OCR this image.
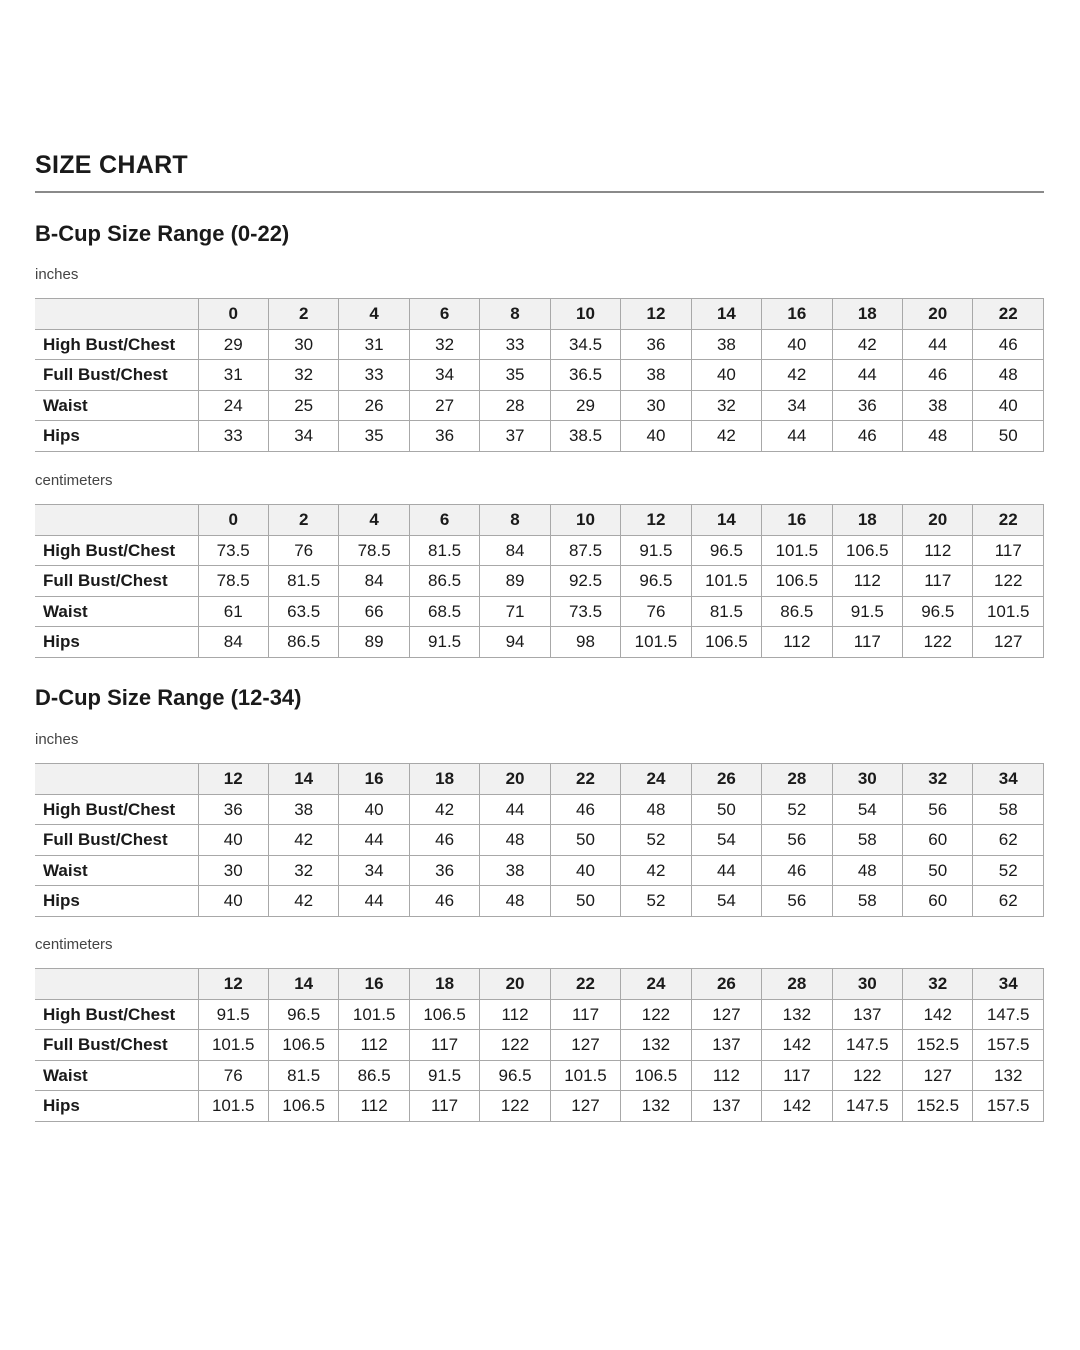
SIZE CHART
B-Cup Size Range (0-22)
inches
	0	2	4	6	8	10	12	14	16	18	20	22
High Bust/Chest	29	30	31	32	33	34.5	36	38	40	42	44	46
Full Bust/Chest	31	32	33	34	35	36.5	38	40	42	44	46	48
Waist	24	25	26	27	28	29	30	32	34	36	38	40
Hips	33	34	35	36	37	38.5	40	42	44	46	48	50
centimeters
	0	2	4	6	8	10	12	14	16	18	20	22
High Bust/Chest	73.5	76	78.5	81.5	84	87.5	91.5	96.5	101.5	106.5	112	117
Full Bust/Chest	78.5	81.5	84	86.5	89	92.5	96.5	101.5	106.5	112	117	122
Waist	61	63.5	66	68.5	71	73.5	76	81.5	86.5	91.5	96.5	101.5
Hips	84	86.5	89	91.5	94	98	101.5	106.5	112	117	122	127
D-Cup Size Range (12-34)
inches
	12	14	16	18	20	22	24	26	28	30	32	34
High Bust/Chest	36	38	40	42	44	46	48	50	52	54	56	58
Full Bust/Chest	40	42	44	46	48	50	52	54	56	58	60	62
Waist	30	32	34	36	38	40	42	44	46	48	50	52
Hips	40	42	44	46	48	50	52	54	56	58	60	62
centimeters
	12	14	16	18	20	22	24	26	28	30	32	34
High Bust/Chest	91.5	96.5	101.5	106.5	112	117	122	127	132	137	142	147.5
Full Bust/Chest	101.5	106.5	112	117	122	127	132	137	142	147.5	152.5	157.5
Waist	76	81.5	86.5	91.5	96.5	101.5	106.5	112	117	122	127	132
Hips	101.5	106.5	112	117	122	127	132	137	142	147.5	152.5	157.5
